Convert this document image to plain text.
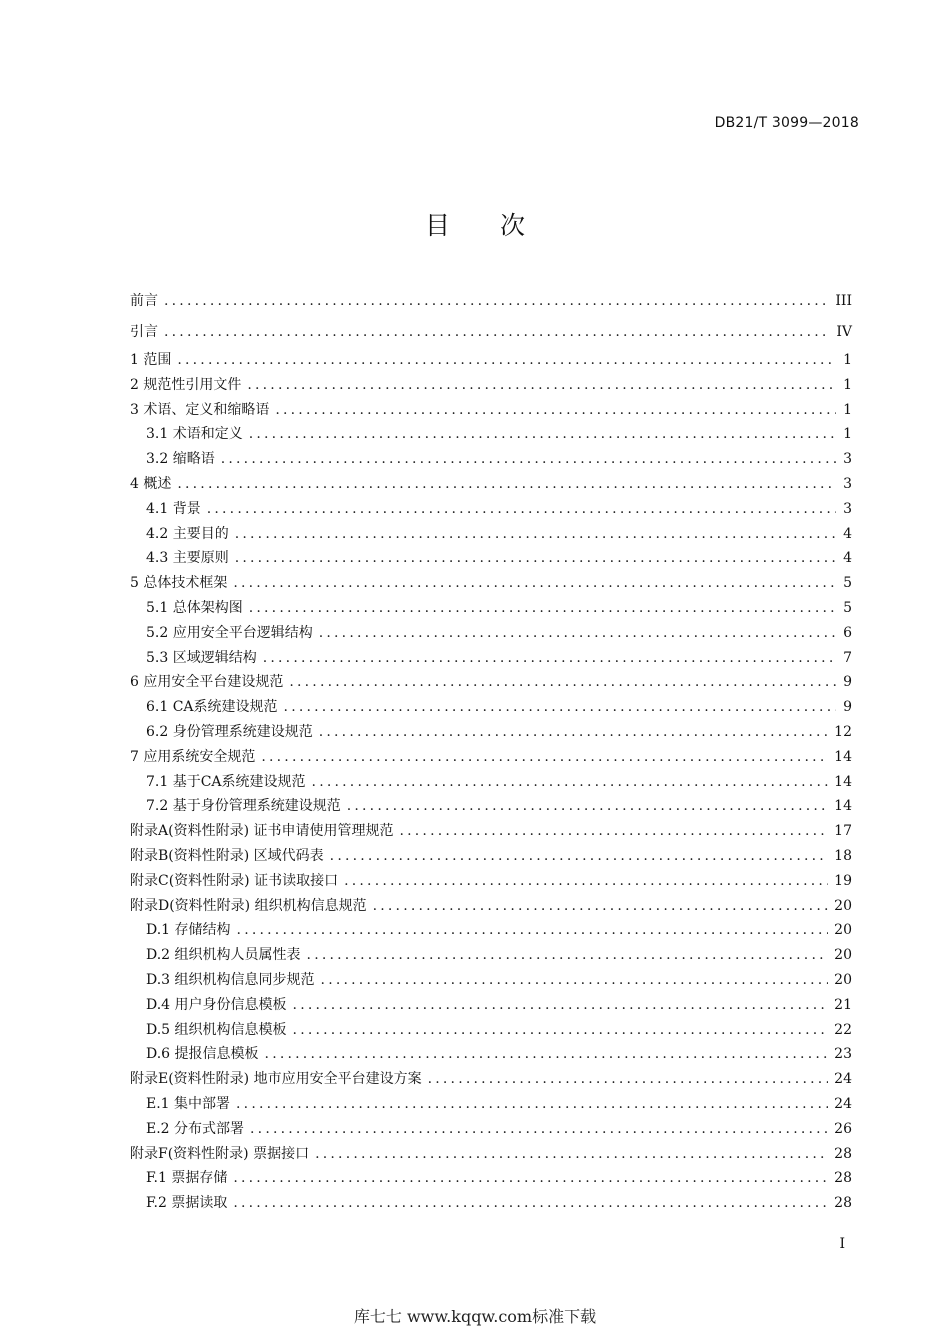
DB21/T 3099—2018
目 次
前言 .....	III
引言 .....	IV
1 范围 .....	1
2 规范性引用文件 .....	1
3 术语、定义和缩略语 .....	1
3.1 术语和定义 .....	1
3.2 缩略语 .....	3
4 概述 .....	3
4.1 背景 .....	3
4.2 主要目的 .....	4
4.3 主要原则 .....	4
5 总体技术框架 .....	5
5.1 总体架构图 .....	5
5.2 应用安全平台逻辑结构 .....	6
5.3 区域逻辑结构 .....	7
6 应用安全平台建设规范 .....	9
6.1 CA系统建设规范 .....	9
6.2 身份管理系统建设规范 .....	12
7 应用系统安全规范 .....	14
7.1 基于CA系统建设规范 .....	14
7.2 基于身份管理系统建设规范 .....	14
附录A(资料性附录) 证书申请使用管理规范 .....	17
附录B(资料性附录) 区域代码表 .....	18
附录C(资料性附录) 证书读取接口 .....	19
附录D(资料性附录) 组织机构信息规范 .....	20
D.1 存储结构 .....	20
D.2 组织机构人员属性表 .....	20
D.3 组织机构信息同步规范 .....	20
D.4 用户身份信息模板 .....	21
D.5 组织机构信息模板 .....	22
D.6 提报信息模板 .....	23
附录E(资料性附录) 地市应用安全平台建设方案 .....	24
E.1 集中部署 .....	24
E.2 分布式部署 .....	26
附录F(资料性附录) 票据接口 .....	28
F.1 票据存储 .....	28
F.2 票据读取 .....	28
I
库七七 www.kqqw.com标准下载
